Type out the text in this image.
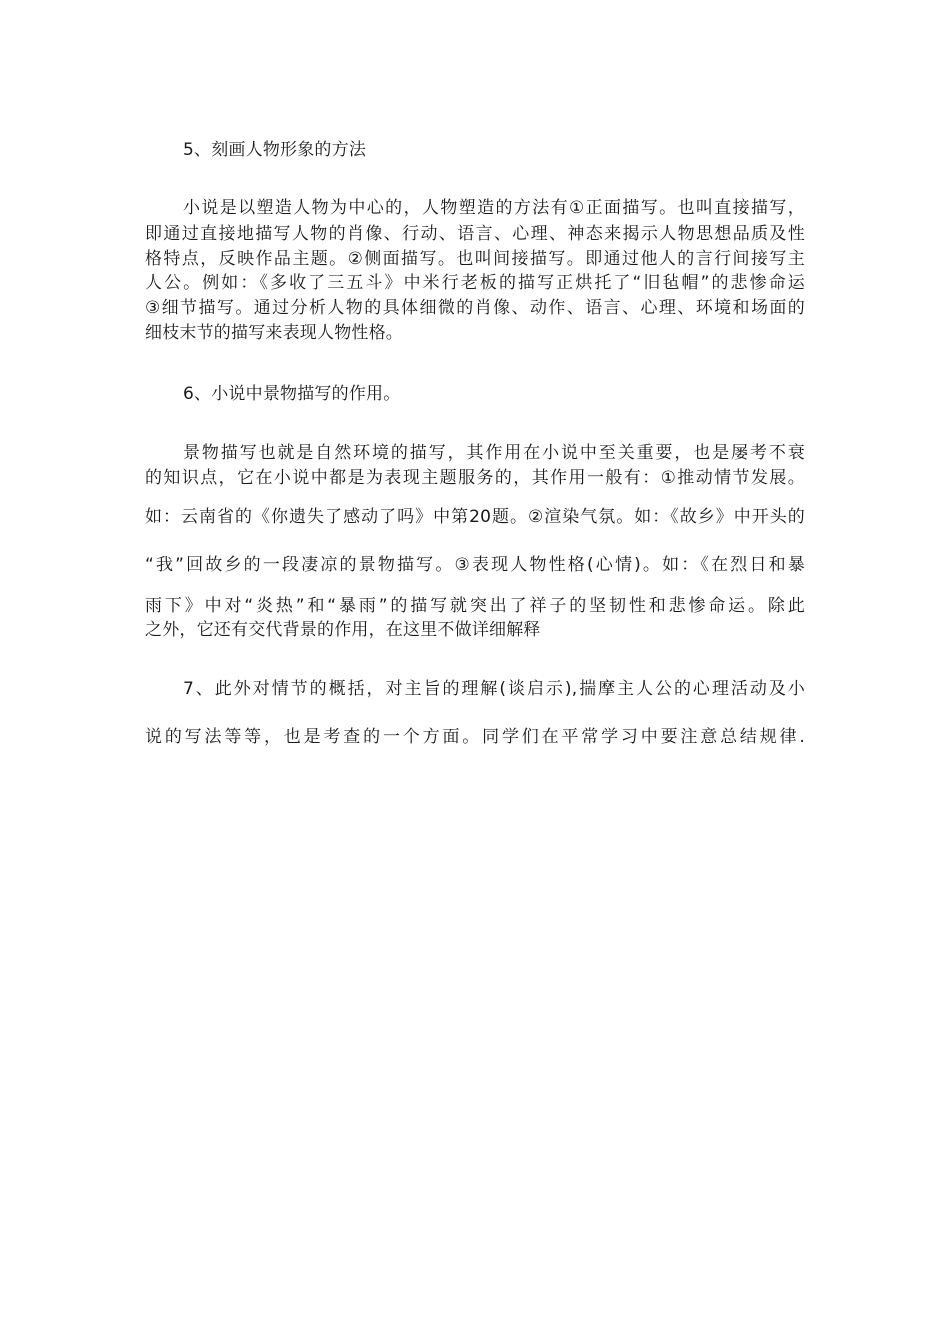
5、刻画人物形象的方法
小说是以塑造人物为中心的，人物塑造的方法有①正面描写。也叫直接描写，
即通过直接地描写人物的肖像、行动、语言、心理、神态来揭示人物思想品质及性
格特点，反映作品主题。②侧面描写。也叫间接描写。即通过他人的言行间接写主
人公。例如：《多收了三五斗》中米行老板的描写正烘托了“旧毡帽”的悲惨命运
③细节描写。通过分析人物的具体细微的肖像、动作、语言、心理、环境和场面的
细枝末节的描写来表现人物性格。
6、小说中景物描写的作用。
景物描写也就是自然环境的描写，其作用在小说中至关重要，也是屡考不衰
的知识点，它在小说中都是为表现主题服务的，其作用一般有：①推动情节发展。
如：云南省的《你遗失了感动了吗》中第20题。②渲染气氛。如：《故乡》中开头的
“我”回故乡的一段凄凉的景物描写。③表现人物性格(心情)。如：《在烈日和暴
雨下》中对“炎热”和“暴雨”的描写就突出了祥子的坚韧性和悲惨命运。除此
之外，它还有交代背景的作用，在这里不做详细解释
7、此外对情节的概括，对主旨的理解(谈启示),揣摩主人公的心理活动及小
说的写法等等，也是考查的一个方面。同学们在平常学习中要注意总结规律.
